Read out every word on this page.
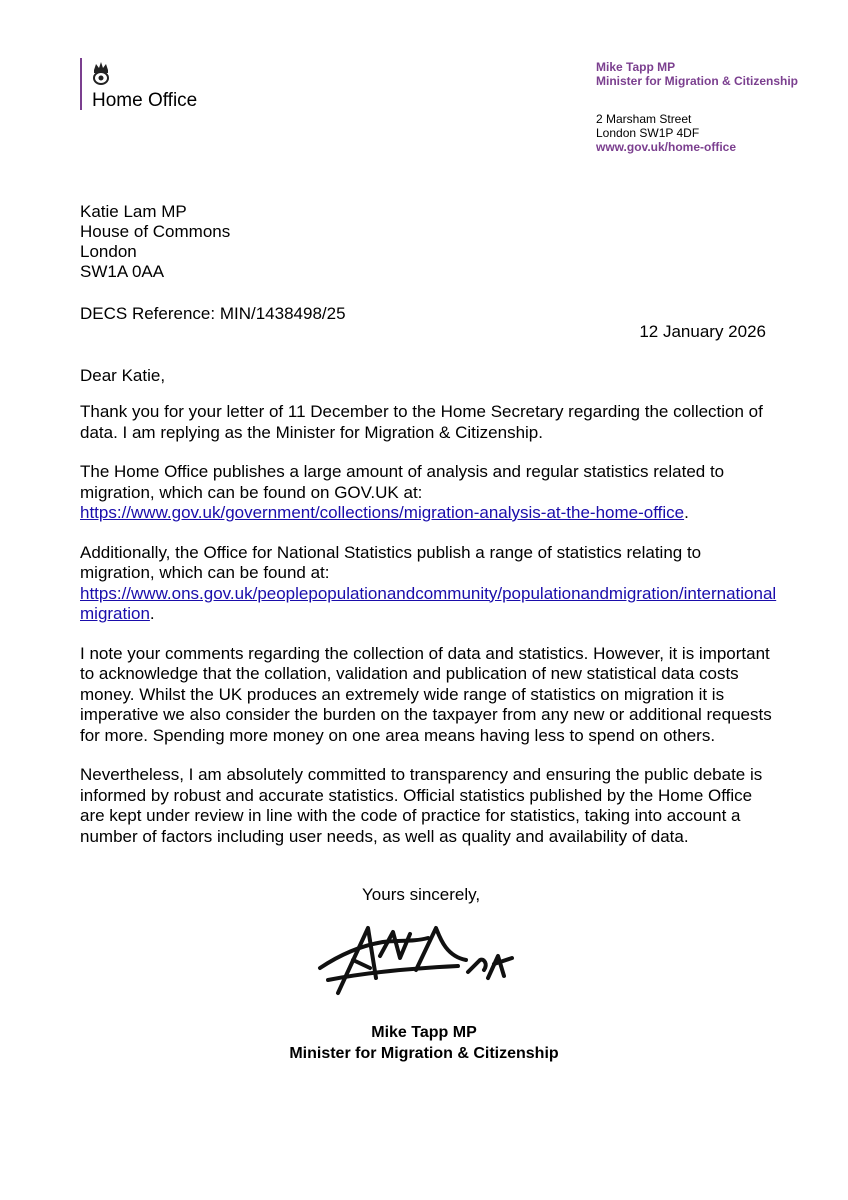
Home Office
Mike Tapp MP
Minister for Migration & Citizenship
2 Marsham Street
London SW1P 4DF
www.gov.uk/home-office
Katie Lam MP
House of Commons
London
SW1A 0AA
DECS Reference: MIN/1438498/25
12 January 2026
Dear Katie,

Thank you for your letter of 11 December to the Home Secretary regarding the collection of data. I am replying as the Minister for Migration & Citizenship.

The Home Office publishes a large amount of analysis and regular statistics related to migration, which can be found on GOV.UK at:
https://www.gov.uk/government/collections/migration-analysis-at-the-home-office.

Additionally, the Office for National Statistics publish a range of statistics relating to migration, which can be found at:
https://www.ons.gov.uk/peoplepopulationandcommunity/populationandmigration/internationalmigration.

I note your comments regarding the collection of data and statistics. However, it is important to acknowledge that the collation, validation and publication of new statistical data costs money. Whilst the UK produces an extremely wide range of statistics on migration it is imperative we also consider the burden on the taxpayer from any new or additional requests for more. Spending more money on one area means having less to spend on others.

Nevertheless, I am absolutely committed to transparency and ensuring the public debate is informed by robust and accurate statistics. Official statistics published by the Home Office are kept under review in line with the code of practice for statistics, taking into account a number of factors including user needs, as well as quality and availability of data.

Yours sincerely,
Mike Tapp MP
Minister for Migration & Citizenship
